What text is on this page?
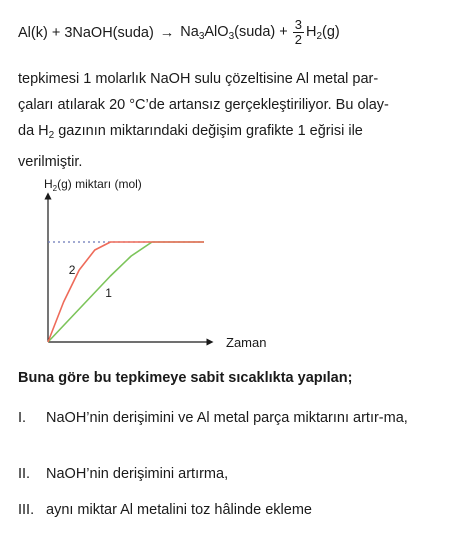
Al(k) + 3NaOH(suda) → $Na_3AlO_3(suda) + \frac{3}{2} H_2(g)$
tepkimesi 1 molarlık NaOH sulu çözeltisine Al metal par-
çaları atılarak 20 °C’de artansız gerçekleştiriliyor. Bu olay-
da $H_2$ gazının miktarındaki değişim grafikte 1 eğrisi ile
verilmiştir.
$H_2(g)$ miktarı (mol)
Zaman
1
2
Buna göre bu tepkimeye sabit sıcaklıkta yapılan;
I.	NaOH’nin derişimini ve Al metal parça miktarını artır-ma,
II.	NaOH’nin derişimini artırma,
III. aynı miktar Al metalini toz hâlinde ekleme
